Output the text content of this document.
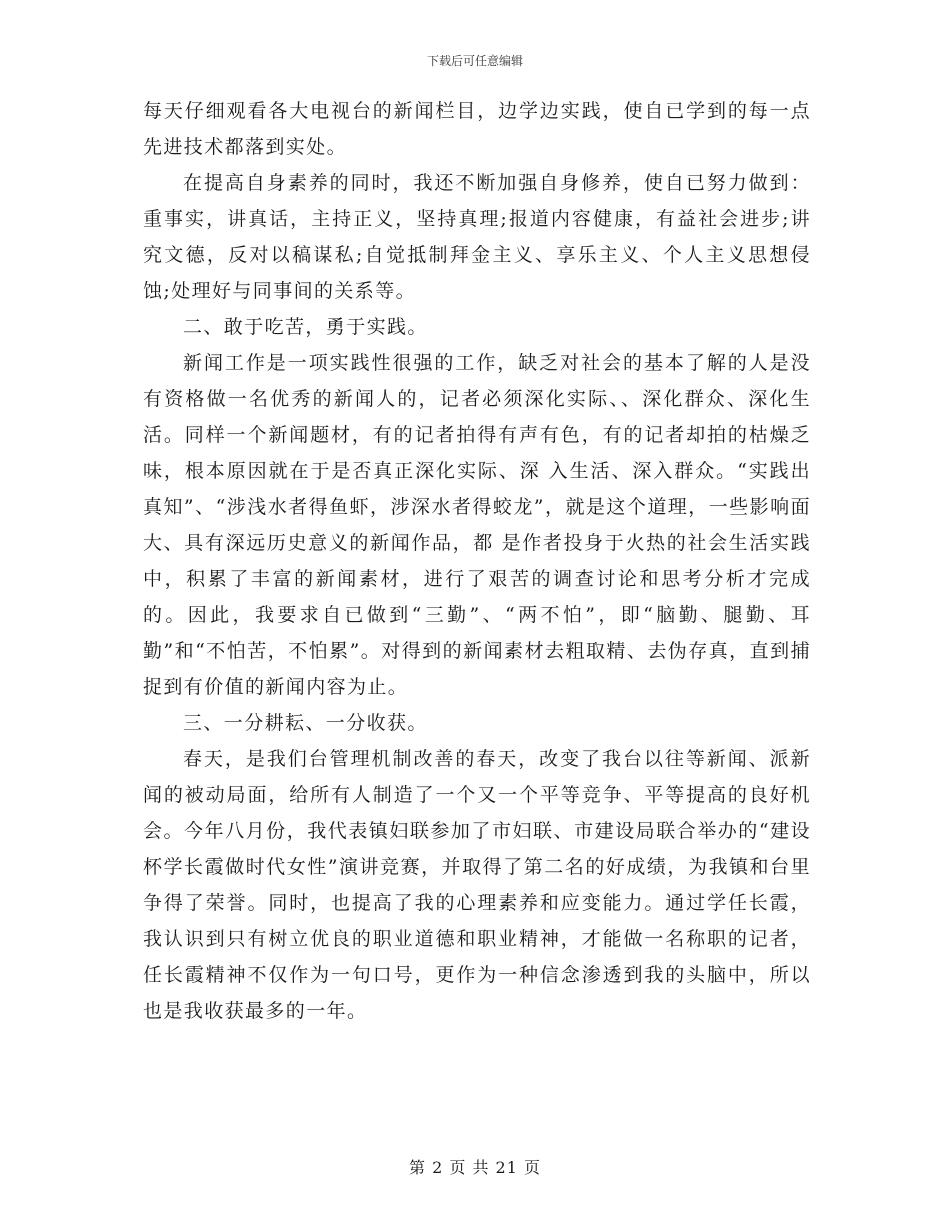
下载后可任意编辑

每天仔细观看各大电视台的新闻栏目，边学边实践，使自已学到的每一点先进技术都落到实处。

在提高自身素养的同时，我还不断加强自身修养，使自已努力做到：重事实，讲真话，主持正义，坚持真理;报道内容健康，有益社会进步;讲究文德，反对以稿谋私;自觉抵制拜金主义、享乐主义、个人主义思想侵蚀;处理好与同事间的关系等。

二、敢于吃苦，勇于实践。

新闻工作是一项实践性很强的工作，缺乏对社会的基本了解的人是没有资格做一名优秀的新闻人的，记者必须深化实际、、深化群众、深化生活。同样一个新闻题材，有的记者拍得有声有色，有的记者却拍的枯燥乏味，根本原因就在于是否真正深化实际、深 入生活、深入群众。“实践出真知”、“涉浅水者得鱼虾，涉深水者得蛟龙”，就是这个道理，一些影响面大、具有深远历史意义的新闻作品，都 是作者投身于火热的社会生活实践中，积累了丰富的新闻素材，进行了艰苦的调查讨论和思考分析才完成的。因此，我要求自已做到“三勤”、“两不怕”，即“脑勤、腿勤、耳勤”和“不怕苦，不怕累”。对得到的新闻素材去粗取精、去伪存真，直到捕捉到有价值的新闻内容为止。

三、一分耕耘、一分收获。

春天，是我们台管理机制改善的春天，改变了我台以往等新闻、派新闻的被动局面，给所有人制造了一个又一个平等竞争、平等提高的良好机会。今年八月份，我代表镇妇联参加了市妇联、市建设局联合举办的“建设杯学长霞做时代女性”演讲竞赛，并取得了第二名的好成绩，为我镇和台里争得了荣誉。同时，也提高了我的心理素养和应变能力。通过学任长霞，我认识到只有树立优良的职业道德和职业精神，才能做一名称职的记者，任长霞精神不仅作为一句口号，更作为一种信念渗透到我的头脑中，所以也是我收获最多的一年。

第 2 页 共 21 页
